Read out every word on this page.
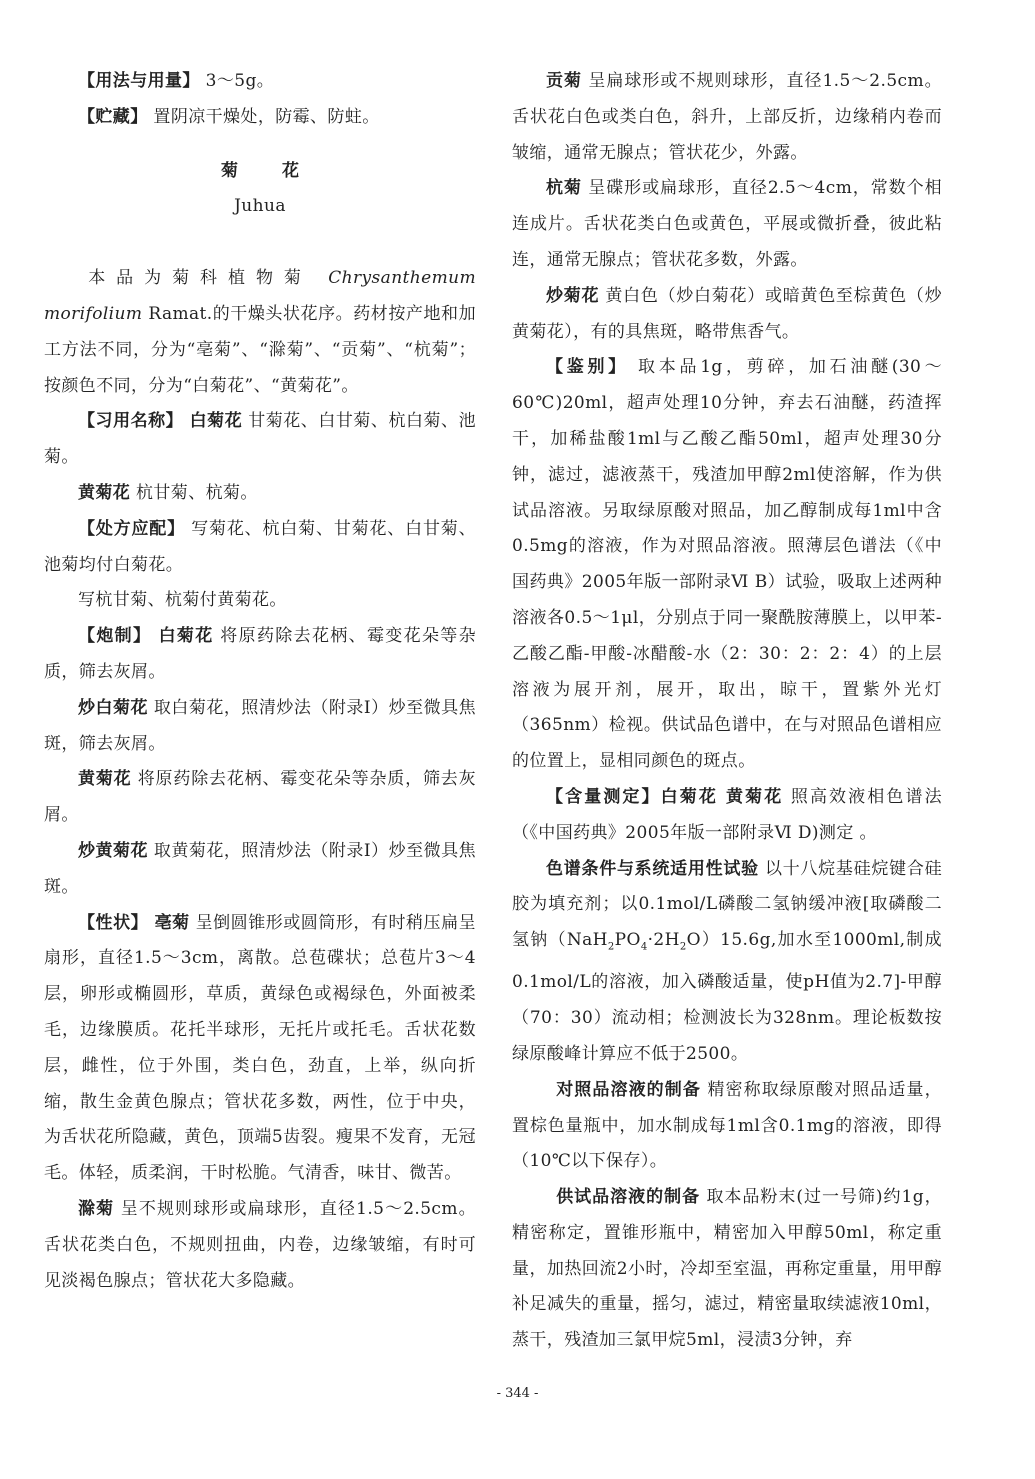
【用法与用量】 3～5g。

【贮藏】 置阴凉干燥处，防霉、防蛀。

菊	花

Juhua

本品为菊科植物菊 Chrysanthemum morifolium Ramat.的干燥头状花序。药材按产地和加工方法不同，分为“亳菊”、“滁菊”、“贡菊”、“杭菊”；按颜色不同，分为“白菊花”、“黄菊花”。

【习用名称】 白菊花 甘菊花、白甘菊、杭白菊、池菊。

黄菊花 杭甘菊、杭菊。

【处方应配】 写菊花、杭白菊、甘菊花、白甘菊、池菊均付白菊花。

写杭甘菊、杭菊付黄菊花。

【炮制】 白菊花 将原药除去花柄、霉变花朵等杂质，筛去灰屑。

炒白菊花 取白菊花，照清炒法（附录Ⅰ）炒至微具焦斑，筛去灰屑。

黄菊花 将原药除去花柄、霉变花朵等杂质，筛去灰屑。

炒黄菊花 取黄菊花，照清炒法（附录Ⅰ）炒至微具焦斑。

【性状】 亳菊 呈倒圆锥形或圆筒形，有时稍压扁呈扇形，直径1.5～3cm，离散。总苞碟状；总苞片3～4层，卵形或椭圆形，草质，黄绿色或褐绿色，外面被柔毛，边缘膜质。花托半球形，无托片或托毛。舌状花数层，雌性，位于外围，类白色，劲直，上举，纵向折缩，散生金黄色腺点；管状花多数，两性，位于中央，为舌状花所隐藏，黄色，顶端5齿裂。瘦果不发育，无冠毛。体轻，质柔润，干时松脆。气清香，味甘、微苦。

滁菊 呈不规则球形或扁球形，直径1.5～2.5cm。舌状花类白色，不规则扭曲，内卷，边缘皱缩，有时可见淡褐色腺点；管状花大多隐藏。

贡菊 呈扁球形或不规则球形，直径1.5～2.5cm。舌状花白色或类白色，斜升，上部反折，边缘稍内卷而皱缩，通常无腺点；管状花少，外露。

杭菊 呈碟形或扁球形，直径2.5～4cm，常数个相连成片。舌状花类白色或黄色，平展或微折叠，彼此粘连，通常无腺点；管状花多数，外露。

炒菊花 黄白色（炒白菊花）或暗黄色至棕黄色（炒黄菊花），有的具焦斑，略带焦香气。

【鉴别】 取本品1g，剪碎，加石油醚(30～60℃)20ml，超声处理10分钟，弃去石油醚，药渣挥干，加稀盐酸1ml与乙酸乙酯50ml，超声处理30分钟，滤过，滤液蒸干，残渣加甲醇2ml使溶解，作为供试品溶液。另取绿原酸对照品，加乙醇制成每1ml中含0.5mg的溶液，作为对照品溶液。照薄层色谱法（《中国药典》2005年版一部附录Ⅵ B）试验，吸取上述两种溶液各0.5～1μl，分别点于同一聚酰胺薄膜上，以甲苯-乙酸乙酯-甲酸-冰醋酸-水（2：30：2：2：4）的上层溶液为展开剂，展开，取出，晾干，置紫外光灯（365nm）检视。供试品色谱中，在与对照品色谱相应的位置上，显相同颜色的斑点。

【含量测定】白菊花 黄菊花 照高效液相色谱法（《中国药典》2005年版一部附录Ⅵ D)测定 。

色谱条件与系统适用性试验 以十八烷基硅烷键合硅胶为填充剂；以0.1mol/L磷酸二氢钠缓冲液[取磷酸二氢钠$(NaH_2PO_4\cdot 2H_2O)15.6g$,加水至1000ml,制成0.1mol/L的溶液，加入磷酸适量，使pH值为2.7]-甲醇（70：30）流动相；检测波长为328nm。理论板数按绿原酸峰计算应不低于2500。

对照品溶液的制备 精密称取绿原酸对照品适量，置棕色量瓶中，加水制成每1ml含0.1mg的溶液，即得（10℃以下保存）。

供试品溶液的制备 取本品粉末(过一号筛)约1g，精密称定，置锥形瓶中，精密加入甲醇50ml，称定重量，加热回流2小时，冷却至室温，再称定重量，用甲醇补足减失的重量，摇匀，滤过，精密量取续滤液10ml，蒸干，残渣加三氯甲烷5ml，浸渍3分钟，弃

- 344 -
